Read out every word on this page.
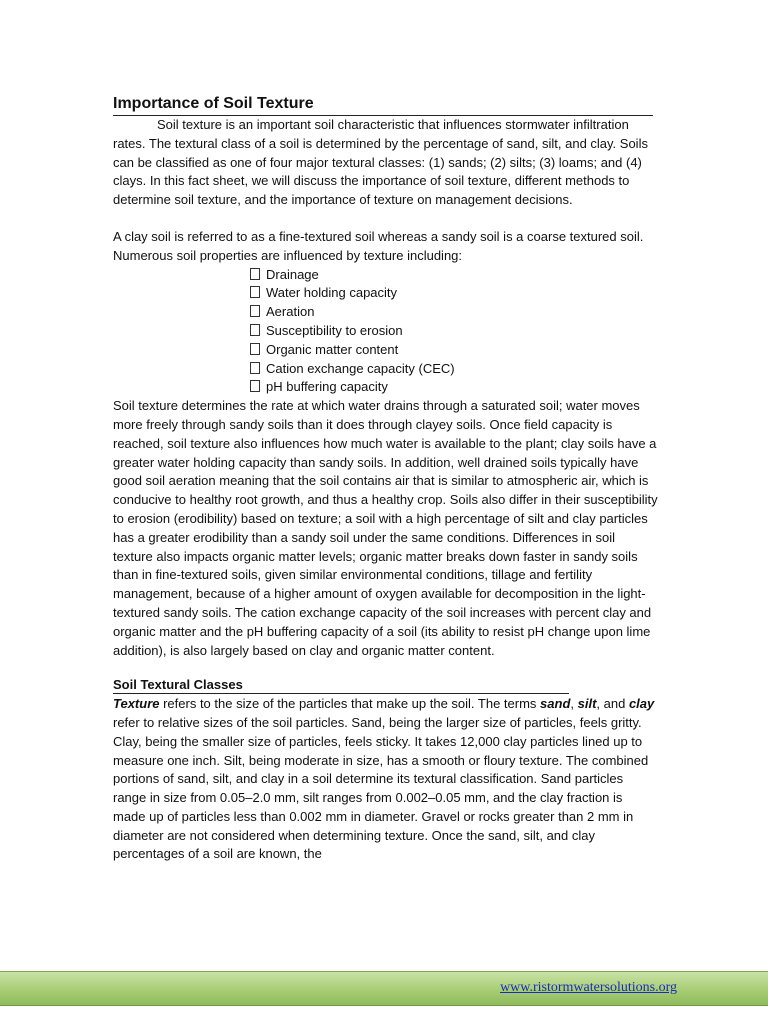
Importance of Soil Texture

Soil texture is an important soil characteristic that influences stormwater infiltration rates. The textural class of a soil is determined by the percentage of sand, silt, and clay. Soils can be classified as one of four major textural classes: (1) sands; (2) silts; (3) loams; and (4) clays. In this fact sheet, we will discuss the importance of soil texture, different methods to determine soil texture, and the importance of texture on management decisions.

A clay soil is referred to as a fine-textured soil whereas a sandy soil is a coarse textured soil. Numerous soil properties are influenced by texture including:

Drainage
Water holding capacity
Aeration
Susceptibility to erosion
Organic matter content
Cation exchange capacity (CEC)
pH buffering capacity

Soil texture determines the rate at which water drains through a saturated soil; water moves more freely through sandy soils than it does through clayey soils. Once field capacity is reached, soil texture also influences how much water is available to the plant; clay soils have a greater water holding capacity than sandy soils. In addition, well drained soils typically have good soil aeration meaning that the soil contains air that is similar to atmospheric air, which is conducive to healthy root growth, and thus a healthy crop. Soils also differ in their susceptibility to erosion (erodibility) based on texture; a soil with a high percentage of silt and clay particles has a greater erodibility than a sandy soil under the same conditions. Differences in soil texture also impacts organic matter levels; organic matter breaks down faster in sandy soils than in fine-textured soils, given similar environmental conditions, tillage and fertility management, because of a higher amount of oxygen available for decomposition in the light-textured sandy soils. The cation exchange capacity of the soil increases with percent clay and organic matter and the pH buffering capacity of a soil (its ability to resist pH change upon lime addition), is also largely based on clay and organic matter content.

Soil Textural Classes

Texture refers to the size of the particles that make up the soil. The terms sand, silt, and clay refer to relative sizes of the soil particles. Sand, being the larger size of particles, feels gritty. Clay, being the smaller size of particles, feels sticky. It takes 12,000 clay particles lined up to measure one inch. Silt, being moderate in size, has a smooth or floury texture. The combined portions of sand, silt, and clay in a soil determine its textural classification. Sand particles range in size from 0.05–2.0 mm, silt ranges from 0.002–0.05 mm, and the clay fraction is made up of particles less than 0.002 mm in diameter. Gravel or rocks greater than 2 mm in diameter are not considered when determining texture. Once the sand, silt, and clay percentages of a soil are known, the

www.ristormwatersolutions.org
